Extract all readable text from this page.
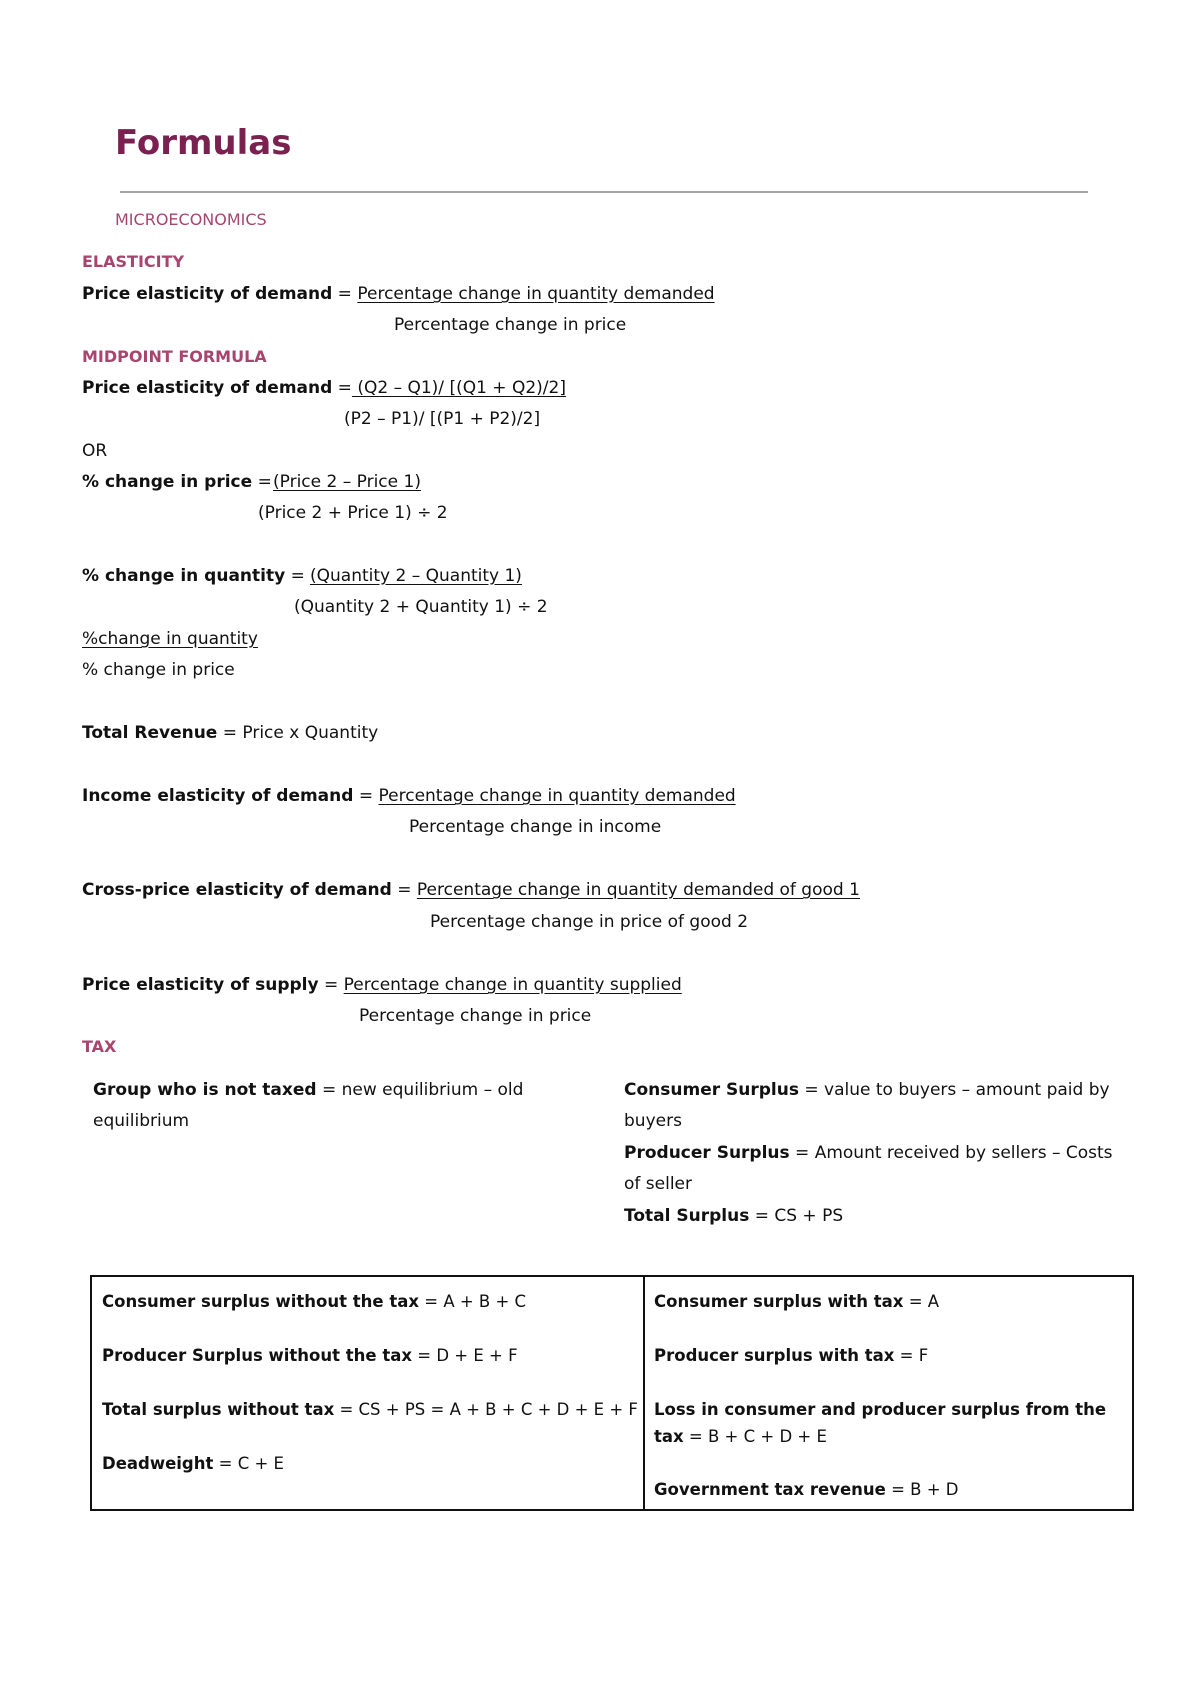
Formulas
MICROECONOMICS
ELASTICITY
Price elasticity of demand = Percentage change in quantity demanded
Percentage change in price
MIDPOINT FORMULA
Price elasticity of demand = (Q2 – Q1)/ [(Q1 + Q2)/2]
(P2 – P1)/ [(P1 + P2)/2]
OR
% change in price = (Price 2 – Price 1)
(Price 2 + Price 1) ÷ 2
% change in quantity = (Quantity 2 – Quantity 1)
(Quantity 2 + Quantity 1) ÷ 2
%change in quantity
% change in price
Total Revenue = Price x Quantity
Income elasticity of demand = Percentage change in quantity demanded
Percentage change in income
Cross-price elasticity of demand = Percentage change in quantity demanded of good 1
Percentage change in price of good 2
Price elasticity of supply = Percentage change in quantity supplied
Percentage change in price
TAX
Group who is not taxed = new equilibrium – old
equilibrium
Consumer Surplus = value to buyers – amount paid by
buyers
Producer Surplus = Amount received by sellers – Costs
of seller
Total Surplus = CS + PS
Consumer surplus without the tax = A + B + C
Producer Surplus without the tax = D + E + F
Total surplus without tax = CS + PS = A + B + C + D + E + F
Deadweight = C + E
Consumer surplus with tax = A
Producer surplus with tax = F
Loss in consumer and producer surplus from the
tax = B + C + D + E
Government tax revenue = B + D
